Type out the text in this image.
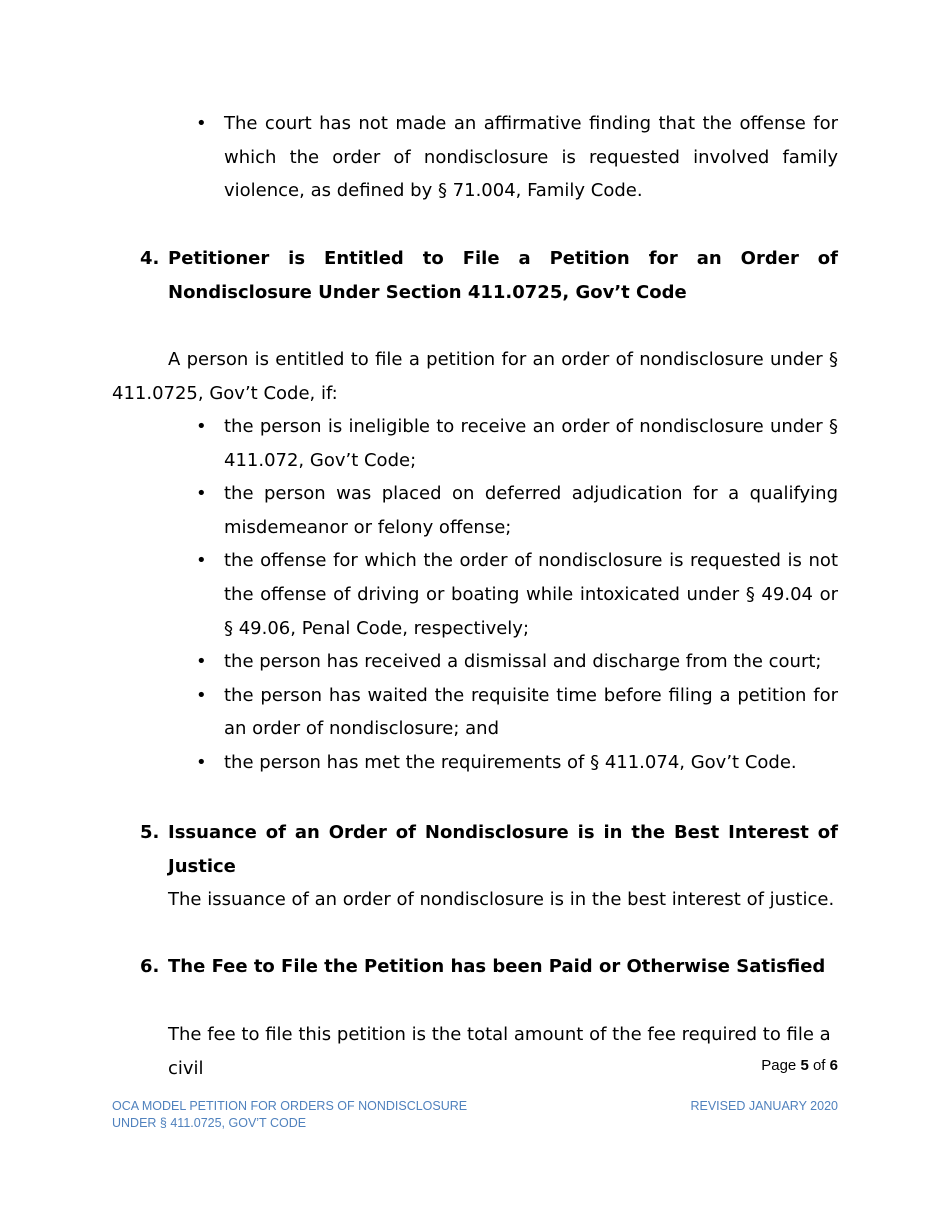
• The court has not made an affirmative finding that the offense for which the order of nondisclosure is requested involved family violence, as defined by § 71.004, Family Code.
4. Petitioner is Entitled to File a Petition for an Order of Nondisclosure Under Section 411.0725, Gov’t Code
A person is entitled to file a petition for an order of nondisclosure under § 411.0725, Gov’t Code, if:
• the person is ineligible to receive an order of nondisclosure under § 411.072, Gov’t Code;
• the person was placed on deferred adjudication for a qualifying misdemeanor or felony offense;
• the offense for which the order of nondisclosure is requested is not the offense of driving or boating while intoxicated under § 49.04 or § 49.06, Penal Code, respectively;
• the person has received a dismissal and discharge from the court;
• the person has waited the requisite time before filing a petition for an order of nondisclosure; and
• the person has met the requirements of § 411.074, Gov’t Code.
5. Issuance of an Order of Nondisclosure is in the Best Interest of Justice
The issuance of an order of nondisclosure is in the best interest of justice.
6. The Fee to File the Petition has been Paid or Otherwise Satisfied
The fee to file this petition is the total amount of the fee required to file a civil	Page 5 of 6
OCA MODEL PETITION FOR ORDERS OF NONDISCLOSURE
UNDER § 411.0725, GOV’T CODE
REVISED JANUARY 2020
